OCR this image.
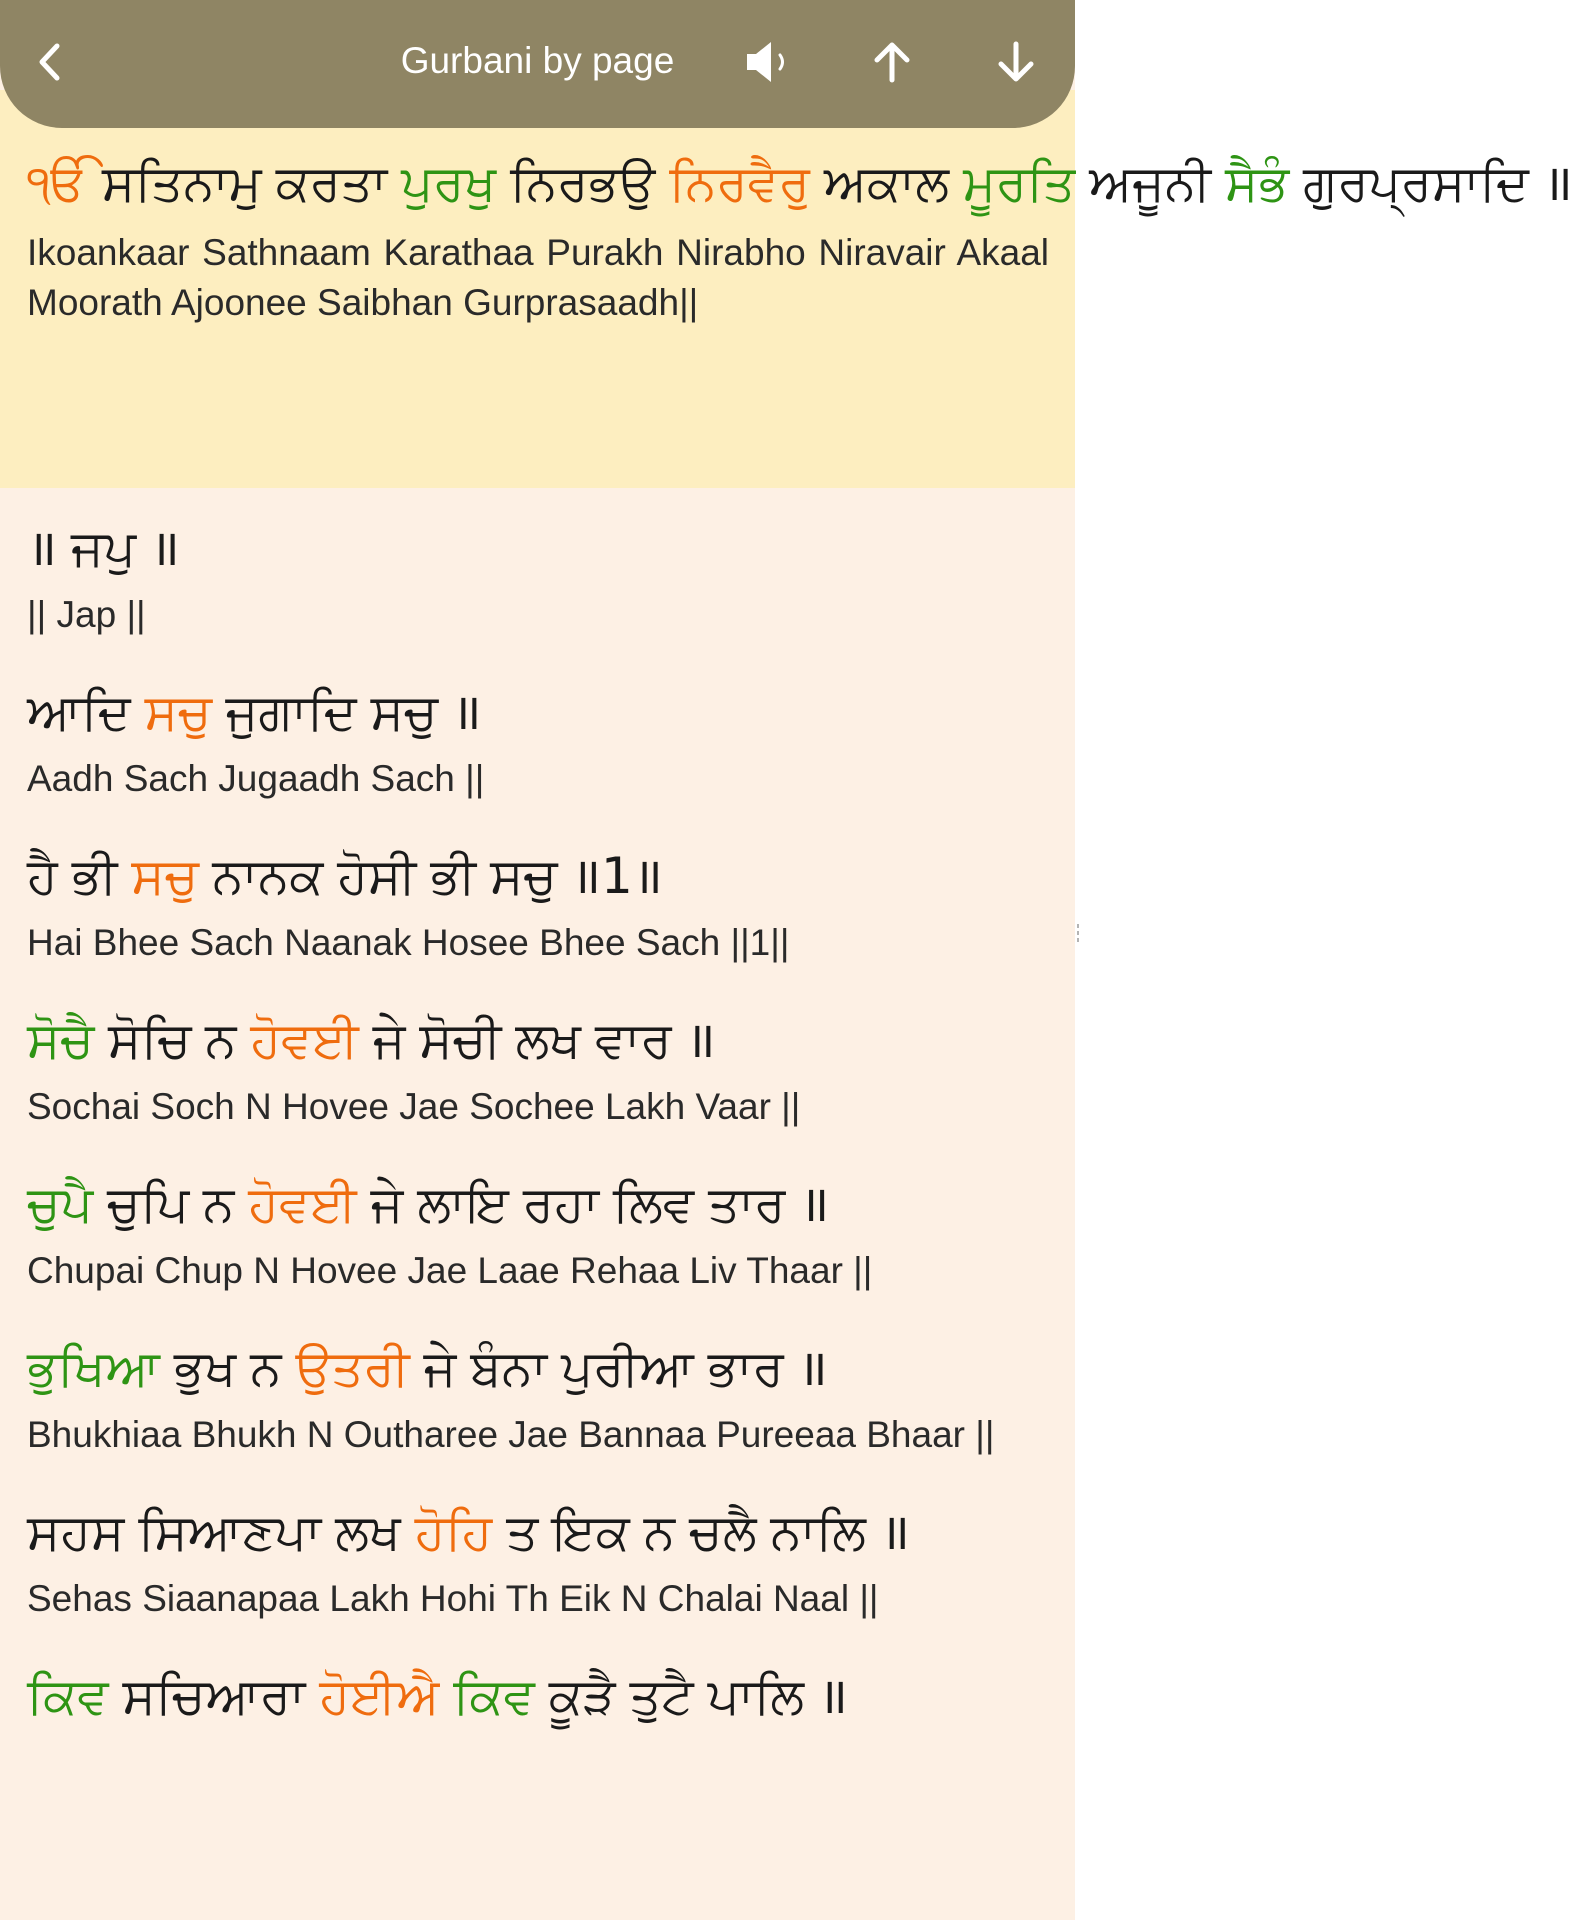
Gurbani by page

ੴ ਸਤਿਨਾਮੁ ਕਰਤਾ ਪੁਰਖੁ ਨਿਰਭਉ ਨਿਰਵੈਰੁ ਅਕਾਲ ਮੂਰਤਿ ਅਜੂਨੀ ਸੈਭੰ ਗੁਰਪ੍ਰਸਾਦਿ ॥

Ikoankaar Sathnaam Karathaa Purakh Nirabho Niravair Akaal Moorath Ajoonee Saibhan Gurprasaadh||

॥ ਜਪੁ ॥

|| Jap ||

ਆਦਿ ਸਚੁ ਜੁਗਾਦਿ ਸਚੁ ॥

Aadh Sach Jugaadh Sach ||

ਹੈ ਭੀ ਸਚੁ ਨਾਨਕ ਹੋਸੀ ਭੀ ਸਚੁ ॥1॥

Hai Bhee Sach Naanak Hosee Bhee Sach ||1||

ਸੋਚੈ ਸੋਚਿ ਨ ਹੋਵਈ ਜੇ ਸੋਚੀ ਲਖ ਵਾਰ ॥

Sochai Soch N Hovee Jae Sochee Lakh Vaar ||

ਚੁਪੈ ਚੁਪਿ ਨ ਹੋਵਈ ਜੇ ਲਾਇ ਰਹਾ ਲਿਵ ਤਾਰ ॥

Chupai Chup N Hovee Jae Laae Rehaa Liv Thaar ||

ਭੁਖਿਆ ਭੁਖ ਨ ਉਤਰੀ ਜੇ ਬੰਨਾ ਪੁਰੀਆ ਭਾਰ ॥

Bhukhiaa Bhukh N Outharee Jae Bannaa Pureeaa Bhaar ||

ਸਹਸ ਸਿਆਣਪਾ ਲਖ ਹੋਹਿ ਤ ਇਕ ਨ ਚਲੈ ਨਾਲਿ ॥

Sehas Siaanapaa Lakh Hohi Th Eik N Chalai Naal ||

ਕਿਵ ਸਚਿਆਰਾ ਹੋਈਐ ਕਿਵ ਕੂੜੈ ਤੁਟੈ ਪਾਲਿ ॥
